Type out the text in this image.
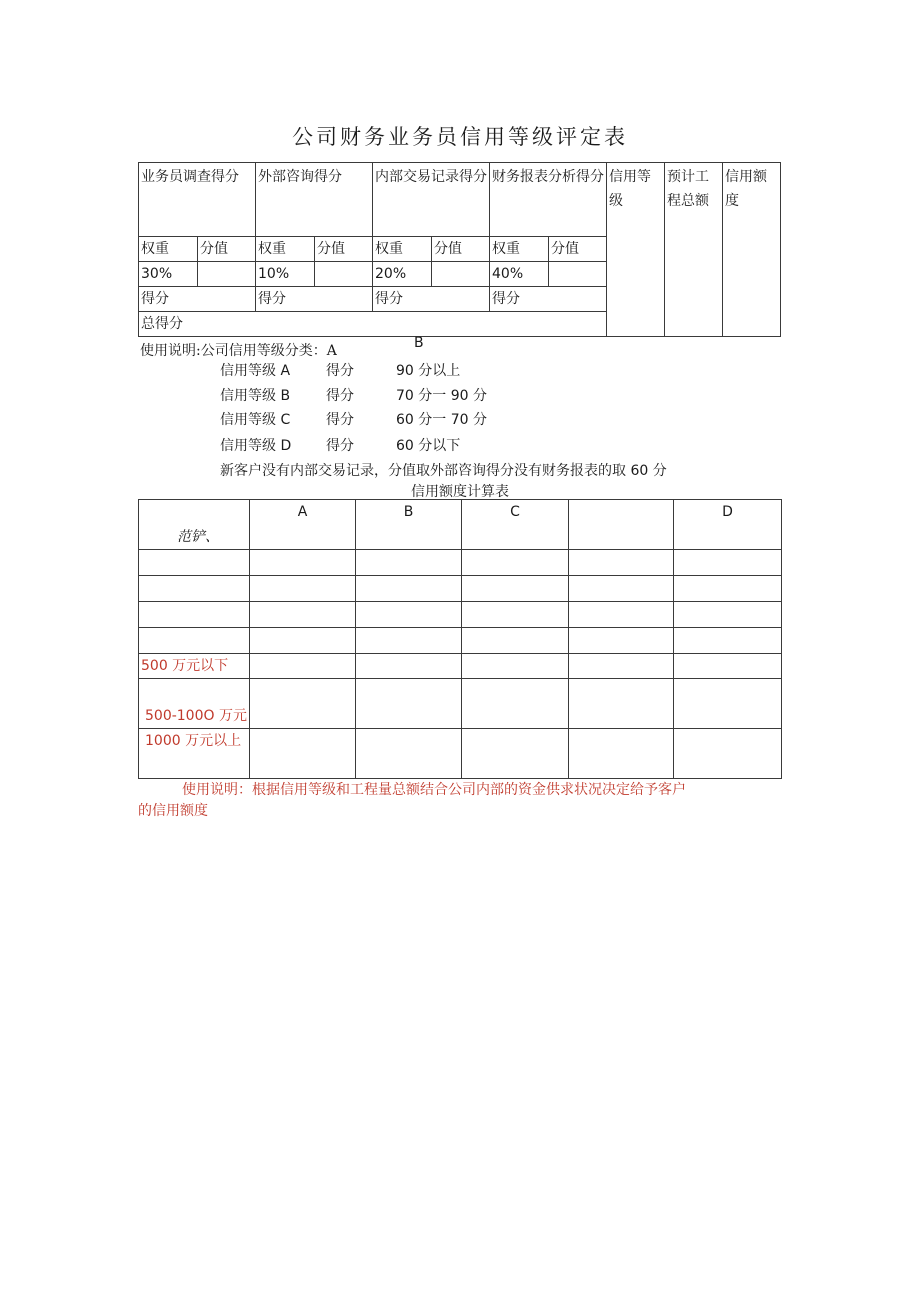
公司财务业务员信用等级评定表
业务员调查得分		外部咨询得分		内部交易记录得分		财务报表分析得分		信用等级	预计工程总额	信用额度
权重	分值	权重	分值	权重	分值	权重	分值			
30%		10%		20%		40%				
得分		得分		得分		得分				
总得分										
使用说明:公司信用等级分类：A	B
信用等级 A	得分	90 分以上
信用等级 B	得分	70 分一 90 分
信用等级 C	得分	60 分一 70 分
信用等级 D 得分	60 分以下
新客户没有内部交易记录，分值取外部咨询得分没有财务报表的取 60 分
信用额度计算表
范铲、	A	B	C		D

500 万元以下					
500-100O 万元					
1000 万元以上					
使用说明：根据信用等级和工程量总额结合公司内部的资金供求状况决定给予客户
的信用额度
